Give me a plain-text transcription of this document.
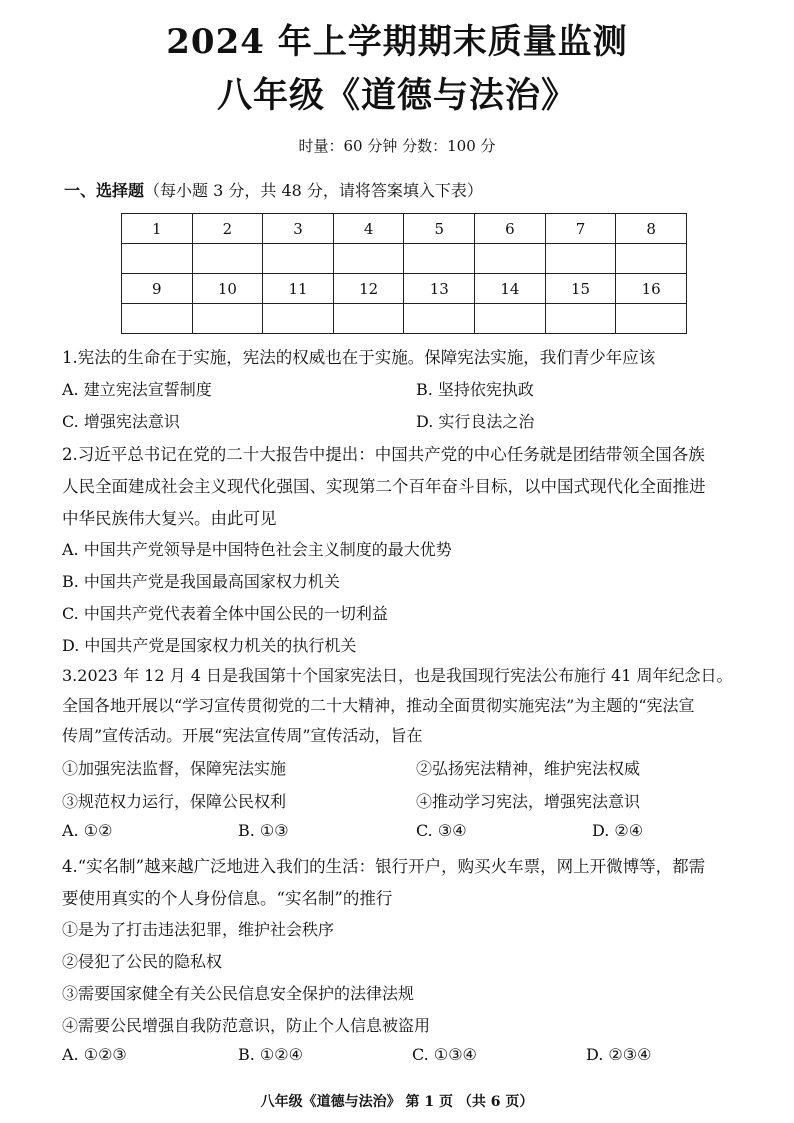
2024 年上学期期末质量监测
八年级《道德与法治》
时量：60 分钟 分数：100 分
一、选择题（每小题 3 分，共 48 分，请将答案填入下表）
1	2	3	4	5	6	7	8

9	10	11	12	13	14	15	16

1.宪法的生命在于实施，宪法的权威也在于实施。保障宪法实施，我们青少年应该
A. 建立宪法宣誓制度	B. 坚持依宪执政
C. 增强宪法意识	D. 实行良法之治
2.习近平总书记在党的二十大报告中提出：中国共产党的中心任务就是团结带领全国各族
人民全面建成社会主义现代化强国、实现第二个百年奋斗目标，以中国式现代化全面推进
中华民族伟大复兴。由此可见
A. 中国共产党领导是中国特色社会主义制度的最大优势
B. 中国共产党是我国最高国家权力机关
C. 中国共产党代表着全体中国公民的一切利益
D. 中国共产党是国家权力机关的执行机关
3.2023 年 12 月 4 日是我国第十个国家宪法日，也是我国现行宪法公布施行 41 周年纪念日。
全国各地开展以“学习宣传贯彻党的二十大精神，推动全面贯彻实施宪法”为主题的“宪法宣
传周”宣传活动。开展“宪法宣传周”宣传活动，旨在
①加强宪法监督，保障宪法实施	②弘扬宪法精神，维护宪法权威
③规范权力运行，保障公民权利	④推动学习宪法，增强宪法意识
A. ①②	B. ①③	C. ③④	D. ②④
4.“实名制”越来越广泛地进入我们的生活：银行开户，购买火车票，网上开微博等，都需
要使用真实的个人身份信息。“实名制”的推行
①是为了打击违法犯罪，维护社会秩序
②侵犯了公民的隐私权
③需要国家健全有关公民信息安全保护的法律法规
④需要公民增强自我防范意识，防止个人信息被盗用
A. ①②③	B. ①②④	C. ①③④	D. ②③④
八年级《道德与法治》 第 1 页 （共 6 页）
